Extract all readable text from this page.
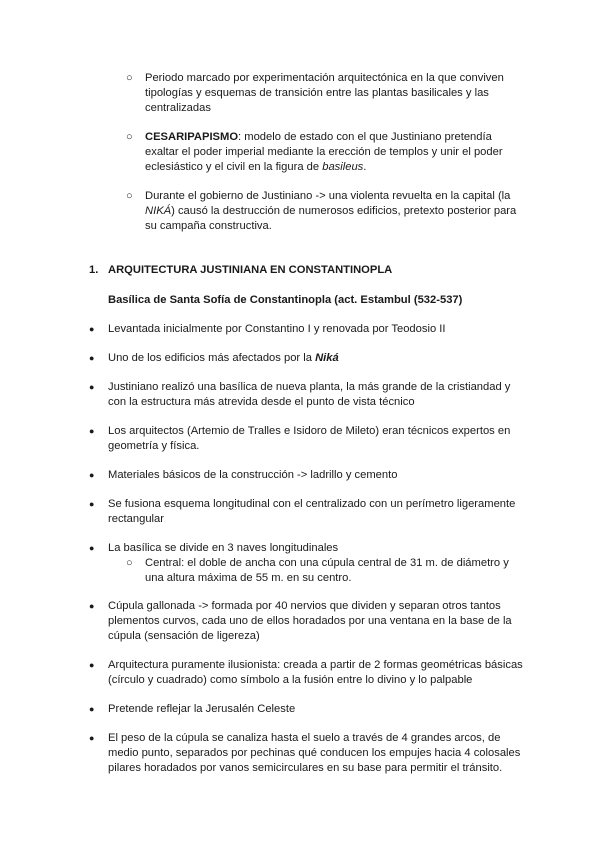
○ Periodo marcado por experimentación arquitectónica en la que conviven tipologías y esquemas de transición entre las plantas basilicales y las centralizadas
○ CESARIPAPISMO: modelo de estado con el que Justiniano pretendía exaltar el poder imperial mediante la erección de templos y unir el poder eclesiástico y el civil en la figura de basileus.
○ Durante el gobierno de Justiniano -> una violenta revuelta en la capital (la NIKÁ) causó la destrucción de numerosos edificios, pretexto posterior para su campaña constructiva.
1. ARQUITECTURA JUSTINIANA EN CONSTANTINOPLA
Basílica de Santa Sofía de Constantinopla (act. Estambul (532-537)
● Levantada inicialmente por Constantino I y renovada por Teodosio II
● Uno de los edificios más afectados por la Niká
● Justiniano realizó una basílica de nueva planta, la más grande de la cristiandad y con la estructura más atrevida desde el punto de vista técnico
● Los arquitectos (Artemio de Tralles e Isidoro de Mileto) eran técnicos expertos en geometría y física.
● Materiales básicos de la construcción -> ladrillo y cemento
● Se fusiona esquema longitudinal con el centralizado con un perímetro ligeramente rectangular
● La basílica se divide en 3 naves longitudinales
○ Central: el doble de ancha con una cúpula central de 31 m. de diámetro y una altura máxima de 55 m. en su centro.
● Cúpula gallonada -> formada por 40 nervios que dividen y separan otros tantos plementos curvos, cada uno de ellos horadados por una ventana en la base de la cúpula (sensación de ligereza)
● Arquitectura puramente ilusionista: creada a partir de 2 formas geométricas básicas (círculo y cuadrado) como símbolo a la fusión entre lo divino y lo palpable
● Pretende reflejar la Jerusalén Celeste
● El peso de la cúpula se canaliza hasta el suelo a través de 4 grandes arcos, de medio punto, separados por pechinas qué conducen los empujes hacia 4 colosales pilares horadados por vanos semicirculares en su base para permitir el tránsito.
